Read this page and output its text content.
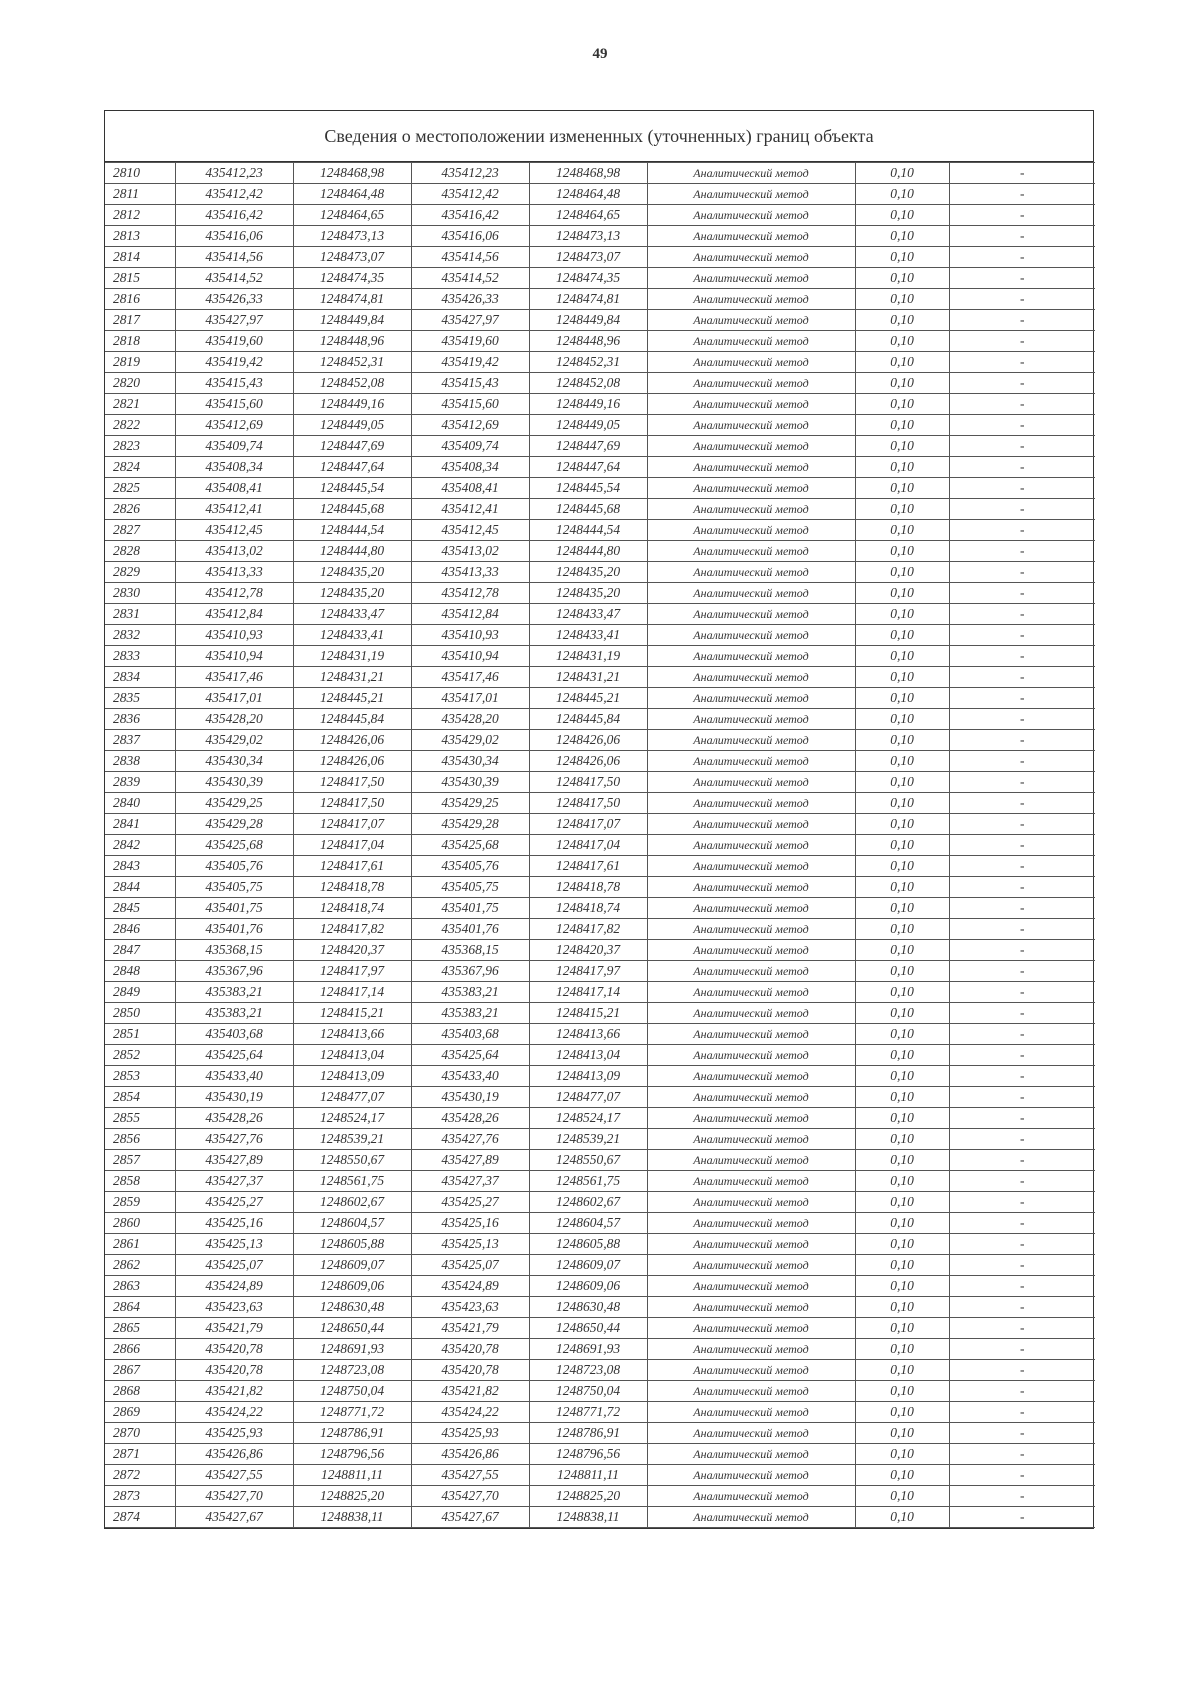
49
Сведения о местоположении измененных (уточненных) границ объекта
2810	435412,23	1248468,98	435412,23	1248468,98	Аналитический метод	0,10	-
2811	435412,42	1248464,48	435412,42	1248464,48	Аналитический метод	0,10	-
2812	435416,42	1248464,65	435416,42	1248464,65	Аналитический метод	0,10	-
2813	435416,06	1248473,13	435416,06	1248473,13	Аналитический метод	0,10	-
2814	435414,56	1248473,07	435414,56	1248473,07	Аналитический метод	0,10	-
2815	435414,52	1248474,35	435414,52	1248474,35	Аналитический метод	0,10	-
2816	435426,33	1248474,81	435426,33	1248474,81	Аналитический метод	0,10	-
2817	435427,97	1248449,84	435427,97	1248449,84	Аналитический метод	0,10	-
2818	435419,60	1248448,96	435419,60	1248448,96	Аналитический метод	0,10	-
2819	435419,42	1248452,31	435419,42	1248452,31	Аналитический метод	0,10	-
2820	435415,43	1248452,08	435415,43	1248452,08	Аналитический метод	0,10	-
2821	435415,60	1248449,16	435415,60	1248449,16	Аналитический метод	0,10	-
2822	435412,69	1248449,05	435412,69	1248449,05	Аналитический метод	0,10	-
2823	435409,74	1248447,69	435409,74	1248447,69	Аналитический метод	0,10	-
2824	435408,34	1248447,64	435408,34	1248447,64	Аналитический метод	0,10	-
2825	435408,41	1248445,54	435408,41	1248445,54	Аналитический метод	0,10	-
2826	435412,41	1248445,68	435412,41	1248445,68	Аналитический метод	0,10	-
2827	435412,45	1248444,54	435412,45	1248444,54	Аналитический метод	0,10	-
2828	435413,02	1248444,80	435413,02	1248444,80	Аналитический метод	0,10	-
2829	435413,33	1248435,20	435413,33	1248435,20	Аналитический метод	0,10	-
2830	435412,78	1248435,20	435412,78	1248435,20	Аналитический метод	0,10	-
2831	435412,84	1248433,47	435412,84	1248433,47	Аналитический метод	0,10	-
2832	435410,93	1248433,41	435410,93	1248433,41	Аналитический метод	0,10	-
2833	435410,94	1248431,19	435410,94	1248431,19	Аналитический метод	0,10	-
2834	435417,46	1248431,21	435417,46	1248431,21	Аналитический метод	0,10	-
2835	435417,01	1248445,21	435417,01	1248445,21	Аналитический метод	0,10	-
2836	435428,20	1248445,84	435428,20	1248445,84	Аналитический метод	0,10	-
2837	435429,02	1248426,06	435429,02	1248426,06	Аналитический метод	0,10	-
2838	435430,34	1248426,06	435430,34	1248426,06	Аналитический метод	0,10	-
2839	435430,39	1248417,50	435430,39	1248417,50	Аналитический метод	0,10	-
2840	435429,25	1248417,50	435429,25	1248417,50	Аналитический метод	0,10	-
2841	435429,28	1248417,07	435429,28	1248417,07	Аналитический метод	0,10	-
2842	435425,68	1248417,04	435425,68	1248417,04	Аналитический метод	0,10	-
2843	435405,76	1248417,61	435405,76	1248417,61	Аналитический метод	0,10	-
2844	435405,75	1248418,78	435405,75	1248418,78	Аналитический метод	0,10	-
2845	435401,75	1248418,74	435401,75	1248418,74	Аналитический метод	0,10	-
2846	435401,76	1248417,82	435401,76	1248417,82	Аналитический метод	0,10	-
2847	435368,15	1248420,37	435368,15	1248420,37	Аналитический метод	0,10	-
2848	435367,96	1248417,97	435367,96	1248417,97	Аналитический метод	0,10	-
2849	435383,21	1248417,14	435383,21	1248417,14	Аналитический метод	0,10	-
2850	435383,21	1248415,21	435383,21	1248415,21	Аналитический метод	0,10	-
2851	435403,68	1248413,66	435403,68	1248413,66	Аналитический метод	0,10	-
2852	435425,64	1248413,04	435425,64	1248413,04	Аналитический метод	0,10	-
2853	435433,40	1248413,09	435433,40	1248413,09	Аналитический метод	0,10	-
2854	435430,19	1248477,07	435430,19	1248477,07	Аналитический метод	0,10	-
2855	435428,26	1248524,17	435428,26	1248524,17	Аналитический метод	0,10	-
2856	435427,76	1248539,21	435427,76	1248539,21	Аналитический метод	0,10	-
2857	435427,89	1248550,67	435427,89	1248550,67	Аналитический метод	0,10	-
2858	435427,37	1248561,75	435427,37	1248561,75	Аналитический метод	0,10	-
2859	435425,27	1248602,67	435425,27	1248602,67	Аналитический метод	0,10	-
2860	435425,16	1248604,57	435425,16	1248604,57	Аналитический метод	0,10	-
2861	435425,13	1248605,88	435425,13	1248605,88	Аналитический метод	0,10	-
2862	435425,07	1248609,07	435425,07	1248609,07	Аналитический метод	0,10	-
2863	435424,89	1248609,06	435424,89	1248609,06	Аналитический метод	0,10	-
2864	435423,63	1248630,48	435423,63	1248630,48	Аналитический метод	0,10	-
2865	435421,79	1248650,44	435421,79	1248650,44	Аналитический метод	0,10	-
2866	435420,78	1248691,93	435420,78	1248691,93	Аналитический метод	0,10	-
2867	435420,78	1248723,08	435420,78	1248723,08	Аналитический метод	0,10	-
2868	435421,82	1248750,04	435421,82	1248750,04	Аналитический метод	0,10	-
2869	435424,22	1248771,72	435424,22	1248771,72	Аналитический метод	0,10	-
2870	435425,93	1248786,91	435425,93	1248786,91	Аналитический метод	0,10	-
2871	435426,86	1248796,56	435426,86	1248796,56	Аналитический метод	0,10	-
2872	435427,55	1248811,11	435427,55	1248811,11	Аналитический метод	0,10	-
2873	435427,70	1248825,20	435427,70	1248825,20	Аналитический метод	0,10	-
2874	435427,67	1248838,11	435427,67	1248838,11	Аналитический метод	0,10	-
